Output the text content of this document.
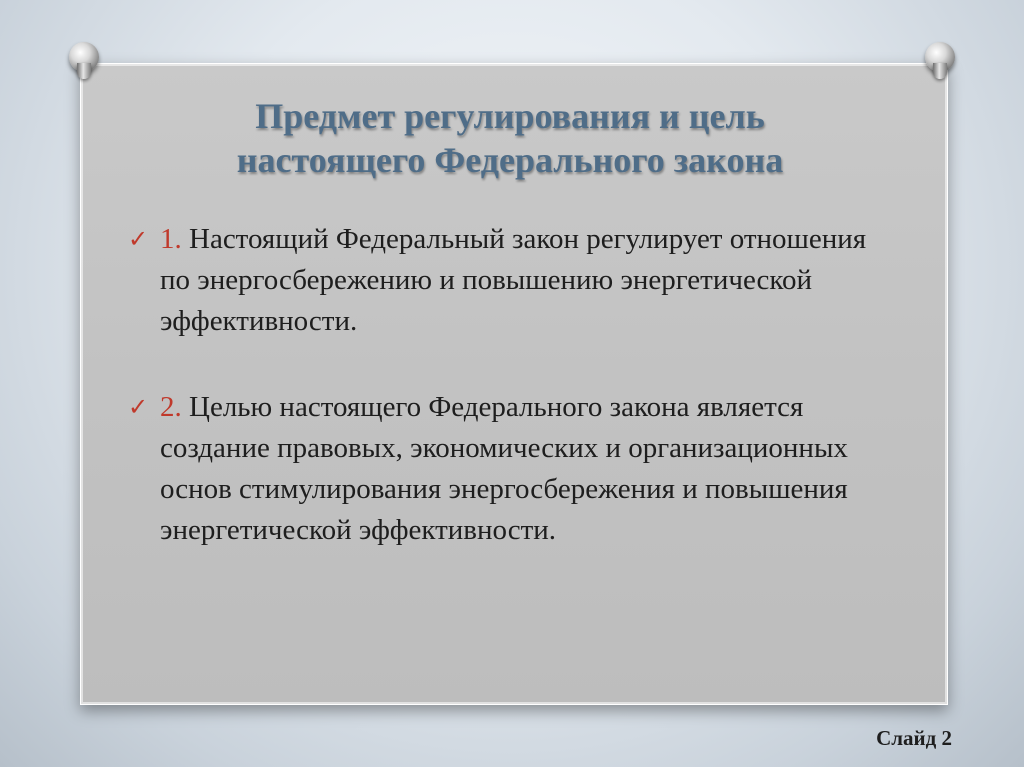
Предмет регулирования и цель
настоящего Федерального закона
✓ 1. Настоящий Федеральный закон регулирует отношения по энергосбережению и повышению энергетической эффективности.
✓ 2. Целью настоящего Федерального закона является создание правовых, экономических и организационных основ стимулирования энергосбережения и повышения энергетической эффективности.
Слайд 2
